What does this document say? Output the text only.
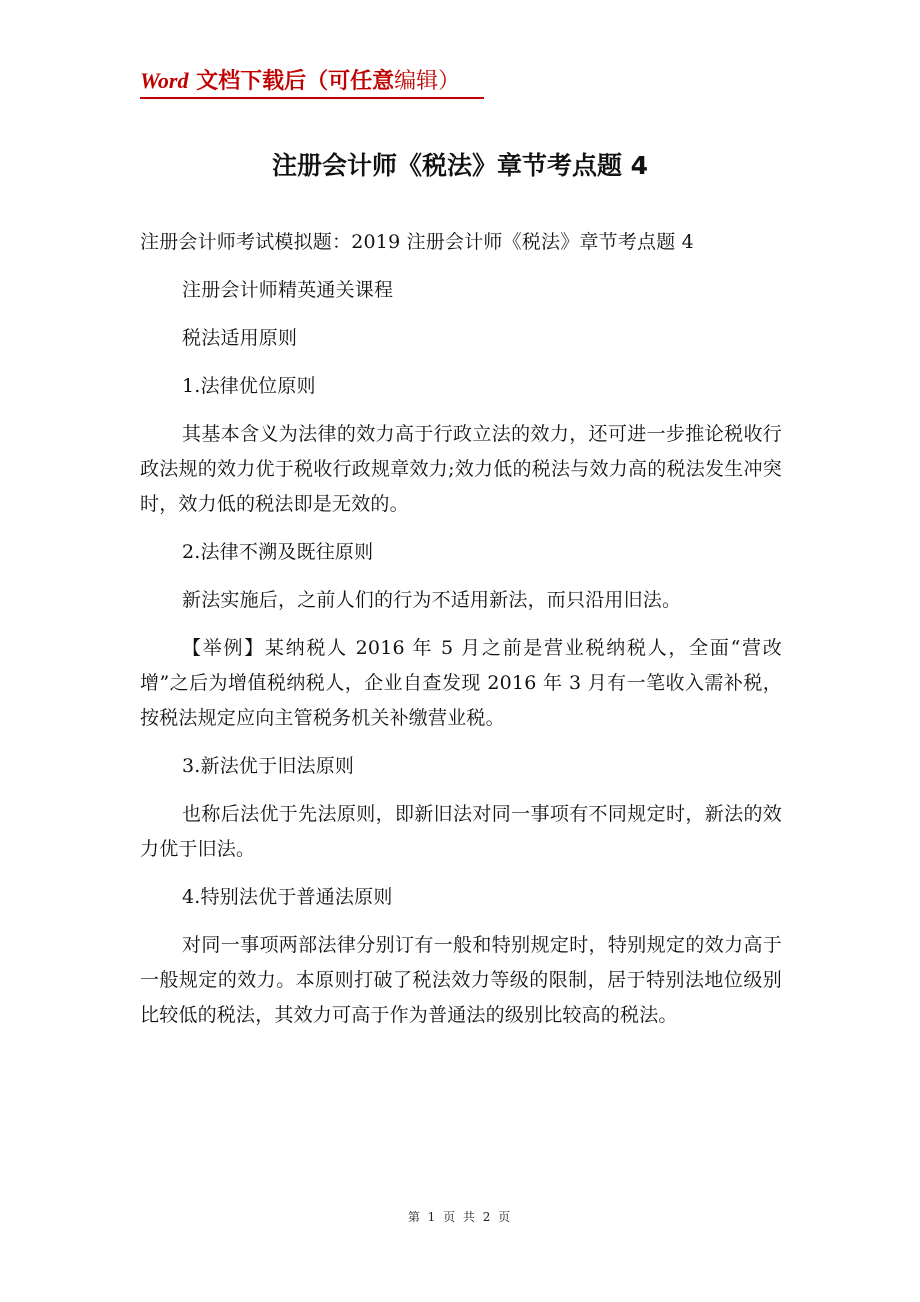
Word 文档下载后（可任意编辑）
注册会计师《税法》章节考点题 4

注册会计师考试模拟题：2019 注册会计师《税法》章节考点题 4

注册会计师精英通关课程

税法适用原则

1.法律优位原则

其基本含义为法律的效力高于行政立法的效力，还可进一步推论税收行政法规的效力优于税收行政规章效力;效力低的税法与效力高的税法发生冲突时，效力低的税法即是无效的。

2.法律不溯及既往原则

新法实施后，之前人们的行为不适用新法，而只沿用旧法。

【举例】某纳税人 2016 年 5 月之前是营业税纳税人，全面“营改增”之后为增值税纳税人，企业自查发现 2016 年 3 月有一笔收入需补税，按税法规定应向主管税务机关补缴营业税。

3.新法优于旧法原则

也称后法优于先法原则，即新旧法对同一事项有不同规定时，新法的效力优于旧法。

4.特别法优于普通法原则

对同一事项两部法律分别订有一般和特别规定时，特别规定的效力高于一般规定的效力。本原则打破了税法效力等级的限制，居于特别法地位级别比较低的税法，其效力可高于作为普通法的级别比较高的税法。

第 1 页 共 2 页
